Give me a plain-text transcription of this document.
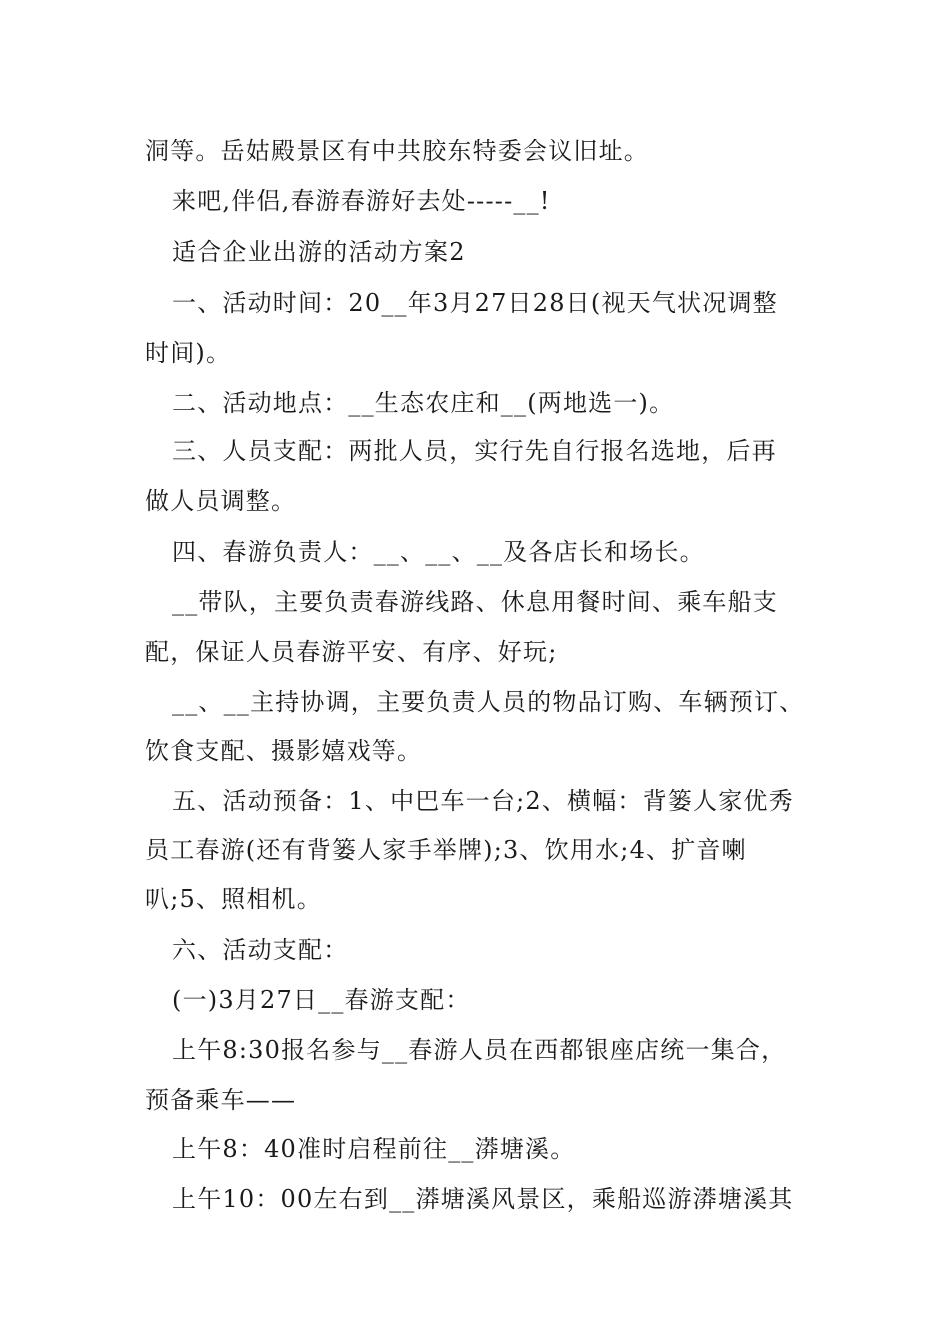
洞等。岳姑殿景区有中共胶东特委会议旧址。
来吧,伴侣,春游春游好去处-----__!
适合企业出游的活动方案2
一、活动时间：20__年3月27日28日(视天气状况调整
时间)。
二、活动地点：__生态农庄和__(两地选一)。
三、人员支配：两批人员，实行先自行报名选地，后再
做人员调整。
四、春游负责人：__、__、__及各店长和场长。
__带队，主要负责春游线路、休息用餐时间、乘车船支
配，保证人员春游平安、有序、好玩;
__、__主持协调，主要负责人员的物品订购、车辆预订、
饮食支配、摄影嬉戏等。
五、活动预备：1、中巴车一台;2、横幅：背篓人家优秀
员工春游(还有背篓人家手举牌);3、饮用水;4、扩音喇
叭;5、照相机。
六、活动支配：
(一)3月27日__春游支配：
上午8:30报名参与__春游人员在西都银座店统一集合，
预备乘车——
上午8：40准时启程前往__漭塘溪。
上午10：00左右到__漭塘溪风景区，乘船巡游漭塘溪其
